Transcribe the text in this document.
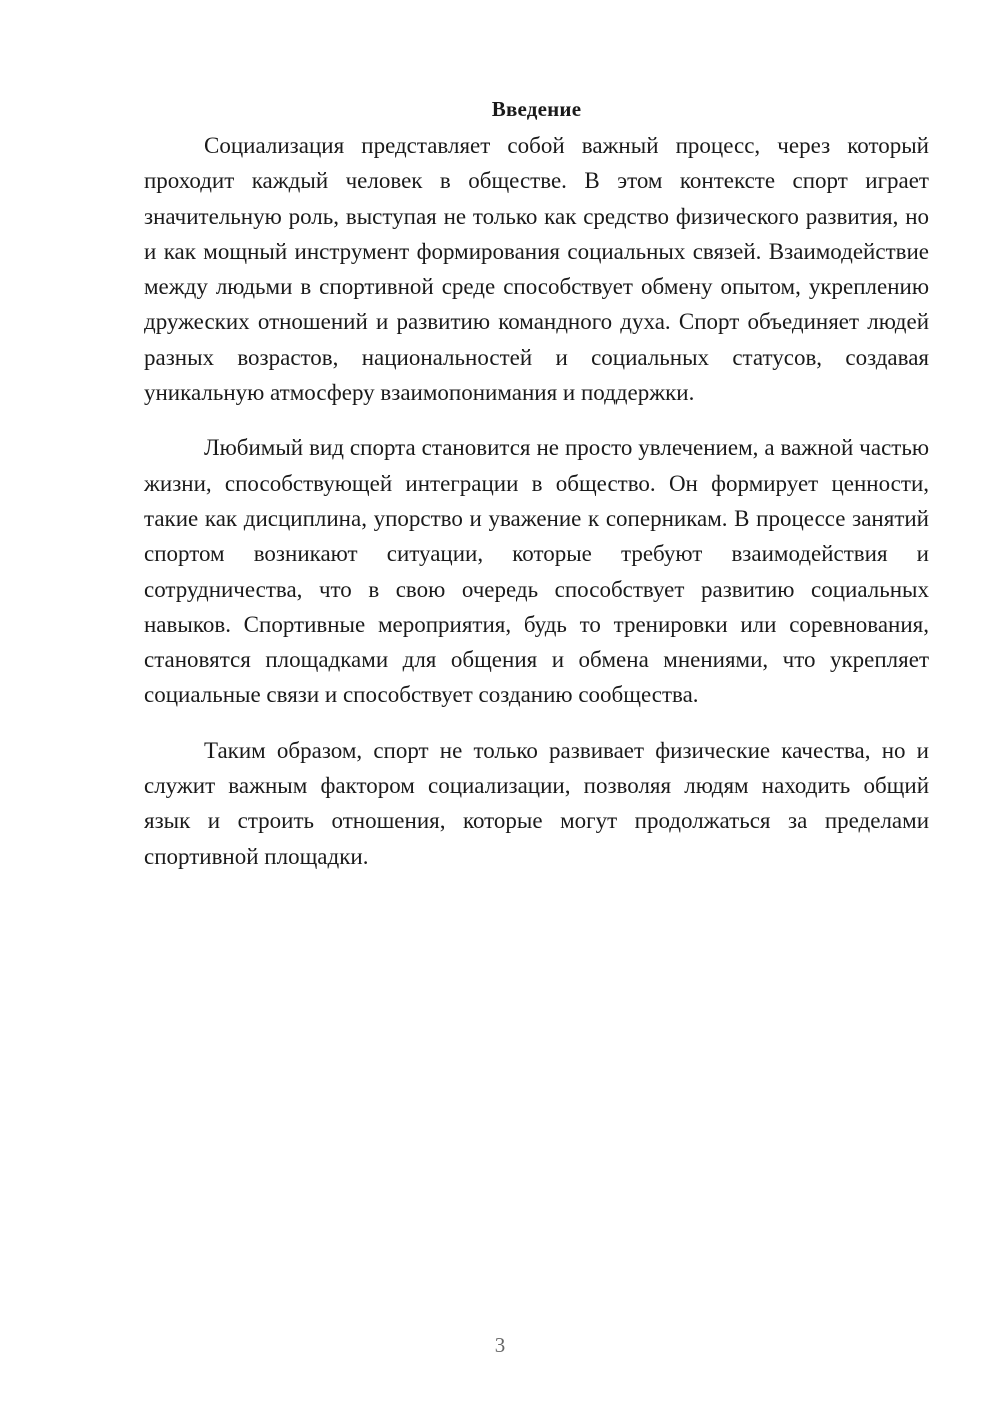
Введение

Социализация представляет собой важный процесс, через который проходит каждый человек в обществе. В этом контексте спорт играет значительную роль, выступая не только как средство физического развития, но и как мощный инструмент формирования социальных связей. Взаимодействие между людьми в спортивной среде способствует обмену опытом, укреплению дружеских отношений и развитию командного духа. Спорт объединяет людей разных возрастов, национальностей и социальных статусов, создавая уникальную атмосферу взаимопонимания и поддержки.

Любимый вид спорта становится не просто увлечением, а важной частью жизни, способствующей интеграции в общество. Он формирует ценности, такие как дисциплина, упорство и уважение к соперникам. В процессе занятий спортом возникают ситуации, которые требуют взаимодействия и сотрудничества, что в свою очередь способствует развитию социальных навыков. Спортивные мероприятия, будь то тренировки или соревнования, становятся площадками для общения и обмена мнениями, что укрепляет социальные связи и способствует созданию сообщества.

Таким образом, спорт не только развивает физические качества, но и служит важным фактором социализации, позволяя людям находить общий язык и строить отношения, которые могут продолжаться за пределами спортивной площадки.

3
